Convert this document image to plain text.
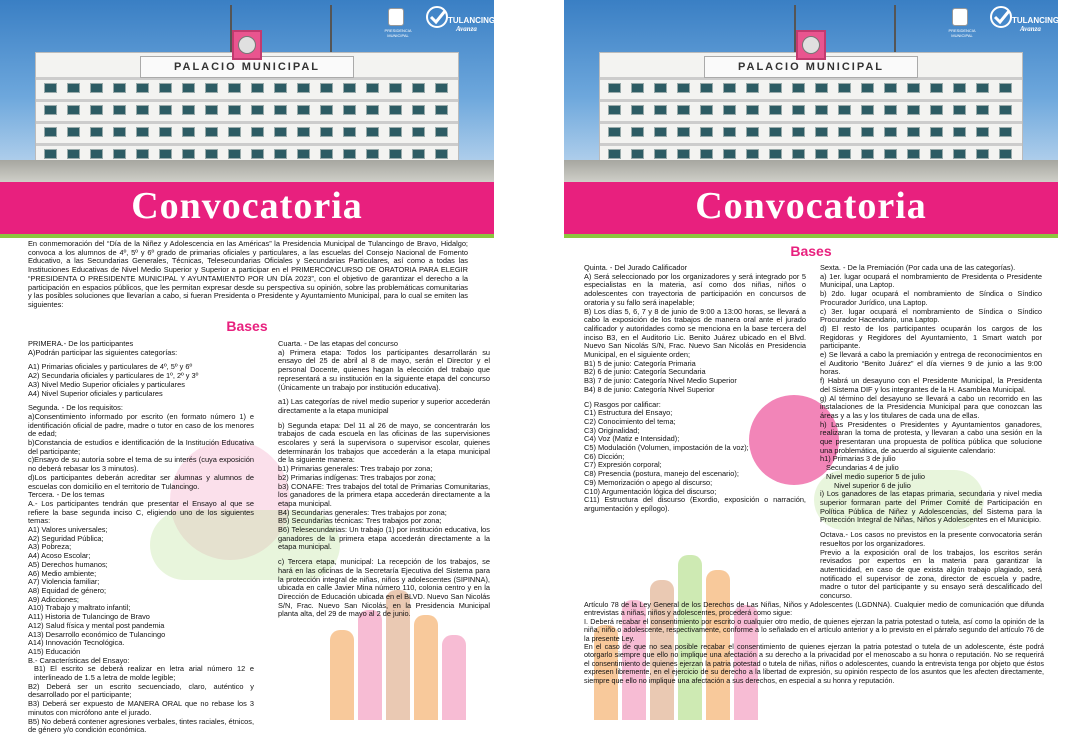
PALACIO MUNICIPAL
PRESIDENCIA MUNICIPAL
TULANCINGO
Avanza
Convocatoria
En conmemoración del “Día de la Niñez y Adolescencia en las Américas” la Presidencia Municipal de Tulancingo de Bravo, Hidalgo; convoca a los alumnos de 4º, 5º y 6º grado de primarias oficiales y particulares, a las escuelas del Consejo Nacional de Fomento Educativo, a las Secundarias Generales, Técnicas, Telesecundarias Oficiales y Secundarias Particulares, así como a todas las Instituciones Educativas de Nivel Medio Superior y Superior a participar en el PRIMERCONCURSO DE ORATORIA PARA ELEGIR “PRESIDENTA O PRESIDENTE MUNICIPAL Y AYUNTAMIENTO POR UN DÍA 2023”, con el objetivo de garantizar el derecho a la participación en espacios públicos, que les permitan expresar desde su perspectiva su opinión, sobre las problemáticas comunitarias y las posibles soluciones que llevarían a cabo, si fueran Presidenta o Presidente y Ayuntamiento Municipal, para lo cual se emiten las siguientes:
Bases

PRIMERA.- De los participantes

A)Podrán participar las siguientes categorías:

A1) Primarias oficiales y particulares de 4º, 5º y 6º

A2) Secundaria oficiales y particulares de 1º, 2º y 3º

A3) Nivel Medio Superior oficiales y particulares

A4) Nivel Superior oficiales y particulares

Segunda. - De los requisitos:

a)Consentimiento informado por escrito (en formato número 1) e identificación oficial de padre, madre o tutor en caso de los menores de edad;

b)Constancia de estudios e identificación de la Institución Educativa del participante;

c)Ensayo de su autoría sobre el tema de su interés (cuya exposición no deberá rebasar los 3 minutos).

d)Los participantes deberán acreditar ser alumnas y alumnos de escuelas con domicilio en el territorio de Tulancingo.

Tercera. - De los temas

A.- Los participantes tendrán que presentar el Ensayo al que se refiere la base segunda inciso C, eligiendo uno de los siguientes temas:

A1) Valores universales;

A2) Seguridad Pública;

A3) Pobreza;

A4) Acoso Escolar;

A5) Derechos humanos;

A6) Medio ambiente;

A7) Violencia familiar;

A8) Equidad de género;

A9) Adicciones;

A10) Trabajo y maltrato infantil;

A11) Historia de Tulancingo de Bravo

A12) Salud física y mental post pandemia

A13) Desarrollo económico de Tulancingo

A14) Innovación Tecnológica.

A15) Educación

B.- Características del Ensayo:

B1) El escrito se deberá realizar en letra arial número 12 e interlineado de 1.5 a letra de molde legible;

B2) Deberá ser un escrito secuenciado, claro, auténtico y desarrollado por el participante;

B3) Deberá ser expuesto de MANERA ORAL que no rebase los 3 minutos con micrófono ante el jurado.

B5) No deberá contener agresiones verbales, tintes raciales, étnicos, de género y/o condición económica.

Cuarta. - De las etapas del concurso

a) Primera etapa: Todos los participantes desarrollarán su ensayo del 25 de abril al 8 de mayo, serán el Director y el personal Docente, quienes hagan la elección del trabajo que representará a su institución en la siguiente etapa del concurso (Únicamente un trabajo por institución educativa).

a1) Las categorías de nivel medio superior y superior accederán directamente a la etapa municipal

b) Segunda etapa: Del 11 al 26 de mayo, se concentrarán los trabajos de cada escuela en las oficinas de las supervisiones escolares y será la supervisora o supervisor escolar, quienes determinarán los trabajos que accederán a la etapa municipal de la siguiente manera:

b1) Primarias generales: Tres trabajo por zona;

b2) Primarias indígenas: Tres trabajos por zona;

b3) CONAFE: Tres trabajos del total de Primarias Comunitarias, los ganadores de la primera etapa accederán directamente a la etapa municipal.

B4) Secundarias generales: Tres trabajos por zona;

B5) Secundarias técnicas: Tres trabajos por zona;

B6) Telesecundarias: Un trabajo (1) por institución educativa, los ganadores de la primera etapa accederán directamente a la etapa municipal.

c) Tercera etapa, municipal: La recepción de los trabajos, se hará en las oficinas de la Secretaría Ejecutiva del Sistema para la protección integral de niñas, niños y adolescentes (SIPINNA), ubicada en calle Javier Mina número 110, colonia centro y en la Dirección de Educación ubicada en el BLVD. Nuevo San Nicolás S/N, Frac. Nuevo San Nicolás, en la Presidencia Municipal planta alta, del 29 de mayo al 2 de junio.

PALACIO MUNICIPAL
PRESIDENCIA MUNICIPAL
TULANCINGO
Avanza
Convocatoria
Bases

Quinta. - Del Jurado Calificador

A) Será seleccionado por los organizadores y será integrado por 5 especialistas en la materia, así como dos niñas, niños o adolescentes con trayectoria de participación en concursos de oratoria y su fallo será inapelable;

B) Los días 5, 6, 7 y 8 de junio de 9:00 a 13:00 horas, se llevará a cabo la exposición de los trabajos de manera oral ante el jurado calificador y autoridades como se menciona en la base tercera del inciso B3, en el Auditorio Lic. Benito Juárez ubicado en el Blvd. Nuevo San Nicolás S/N, Frac. Nuevo San Nicolás en Presidencia Municipal, en el siguiente orden;

B1) 5 de junio: Categoría Primaria

B2) 6 de junio: Categoría Secundaria

B3) 7 de junio: Categoría Nivel Medio Superior

B4) 8 de junio: Categoría Nivel Superior

C) Rasgos por calificar:

C1) Estructura del Ensayo;

C2) Conocimiento del tema;

C3) Originalidad;

C4) Voz (Matiz e Intensidad);

C5) Modulación (Volumen, impostación de la voz);

C6) Dicción;

C7) Expresión corporal;

C8) Presencia (postura, manejo del escenario);

C9) Memorización o apego al discurso;

C10) Argumentación lógica del discurso;

C11) Estructura del discurso (Exordio, exposición o narración, argumentación y epílogo).

Sexta. - De la Premiación (Por cada una de las categorías).

a) 1er. lugar ocupará el nombramiento de Presidenta o Presidente Municipal, una Laptop.

b) 2do. lugar ocupará el nombramiento de Síndica o Síndico Procurador Jurídico, una Laptop.

c) 3er. lugar ocupará el nombramiento de Síndica o Síndico Procurador Hacendario, una Laptop.

d) El resto de los participantes ocuparán los cargos de los Regidoras y Regidores del Ayuntamiento, 1 Smart watch por participante.

e) Se llevará a cabo la premiación y entrega de reconocimientos en el Auditorio “Benito Juárez” el día viernes 9 de junio a las 9:00 horas.

f) Habrá un desayuno con el Presidente Municipal, la Presidenta del Sistema DIF y los integrantes de la H. Asamblea Municipal.

g) Al término del desayuno se llevará a cabo un recorrido en las instalaciones de la Presidencia Municipal para que conozcan las áreas y a las y los titulares de cada una de ellas.

h) Las Presidentes o Presidentes y Ayuntamientos ganadores, realizaran la toma de protesta, y llevaran a cabo una sesión en la que presentaran una propuesta de política pública que solucione una problemática, de acuerdo al siguiente calendario:

h1) Primarias 3 de julio

Secundarias 4 de julio

Nivel medio superior 5 de julio

Nivel superior 6 de julio

i) Los ganadores de las etapas primaria, secundaria y nivel media superior formaran parte del Primer Comité de Participación en Política Pública de Niñez y Adolescencias, del Sistema para la Protección Integral de Niñas, Niños y Adolescentes en el Municipio.

Octava.- Los casos no previstos en la presente convocatoria serán resueltos por los organizadores.

Previo a la exposición oral de los trabajos, los escritos serán revisados por expertos en la materia para garantizar la autenticidad, en caso de que exista algún trabajo plagiado, será notificado el supervisor de zona, director de escuela y padre, madre o tutor del participante y su ensayo será descalificado del concurso.

Artículo 78 de la Ley General de los Derechos de Las Niñas, Niños y Adolescentes (LGDNNA). Cualquier medio de comunicación que difunda entrevistas a niñas, niños y adolescentes, procederá como sigue:
I. Deberá recabar el consentimiento por escrito o cualquier otro medio, de quienes ejerzan la patria potestad o tutela, así como la opinión de la niña, niño o adolescente, respectivamente, conforme a lo señalado en el artículo anterior y a lo previsto en el párrafo segundo del artículo 76 de la presente Ley.
En el caso de que no sea posible recabar el consentimiento de quienes ejerzan la patria potestad o tutela de un adolescente, éste podrá otorgarlo siempre que ello no implique una afectación a su derecho a la privacidad por el menoscabo a su honra o reputación. No se requerirá el consentimiento de quienes ejerzan la patria potestad o tutela de niñas, niños o adolescentes, cuando la entrevista tenga por objeto que éstos expresen libremente, en el ejercicio de su derecho a la libertad de expresión, su opinión respecto de los asuntos que les afecten directamente, siempre que ello no implique una afectación a sus derechos, en especial a su honra y reputación.
